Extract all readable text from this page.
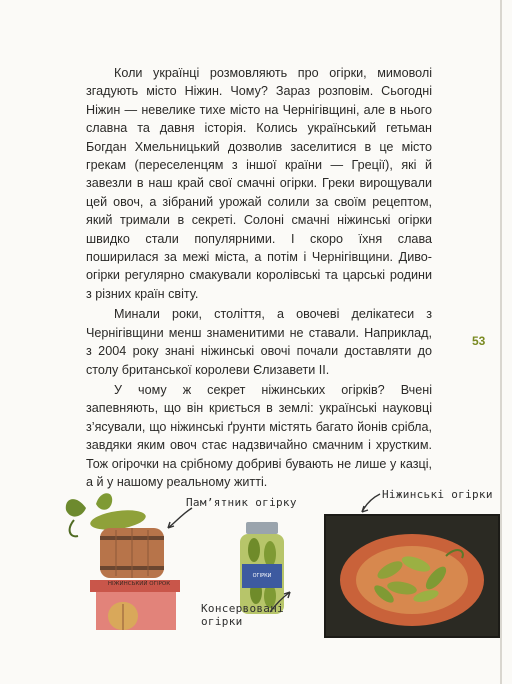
Коли українці розмовляють про огірки, мимоволі згадують місто Ніжин. Чому? Зараз розповім. Сьогодні Ніжин — невелике тихе місто на Чернігівщині, але в нього славна та давня історія. Колись український гетьман Богдан Хмельницький дозволив заселитися в це місто грекам (переселенцям з іншої країни — Греції), які й завезли в наш край свої смачні огірки. Греки вирощували цей овоч, а зібраний урожай солили за своїм рецептом, який тримали в секреті. Солоні смачні ніжинські огірки швидко стали популярними. І скоро їхня слава поширилася за межі міста, а потім і Чернігівщини. Диво-огірки регулярно смакували королівські та царські родини з різних країн світу.

Минали роки, століття, а овочеві делікатеси з Чернігівщини менш знаменитими не ставали. Наприклад, з 2004 року знані ніжинські овочі почали доставляти до столу британської королеви Єлизавети ІІ.

У чому ж секрет ніжинських огірків? Вчені запевняють, що він криється в землі: українські науковці з’ясували, що ніжинські ґрунти містять багато йонів срібла, завдяки яким овоч стає надзвичайно смачним і хрустким. Тож огірочки на срібному добриві бувають не лише у казці, а й у нашому реальному житті.

53
НІЖИНСЬКИЙ ОГІРОК
Пам’ятник огірку
ОГІРКИ
Консервовані
огірки
Ніжинські огірки
